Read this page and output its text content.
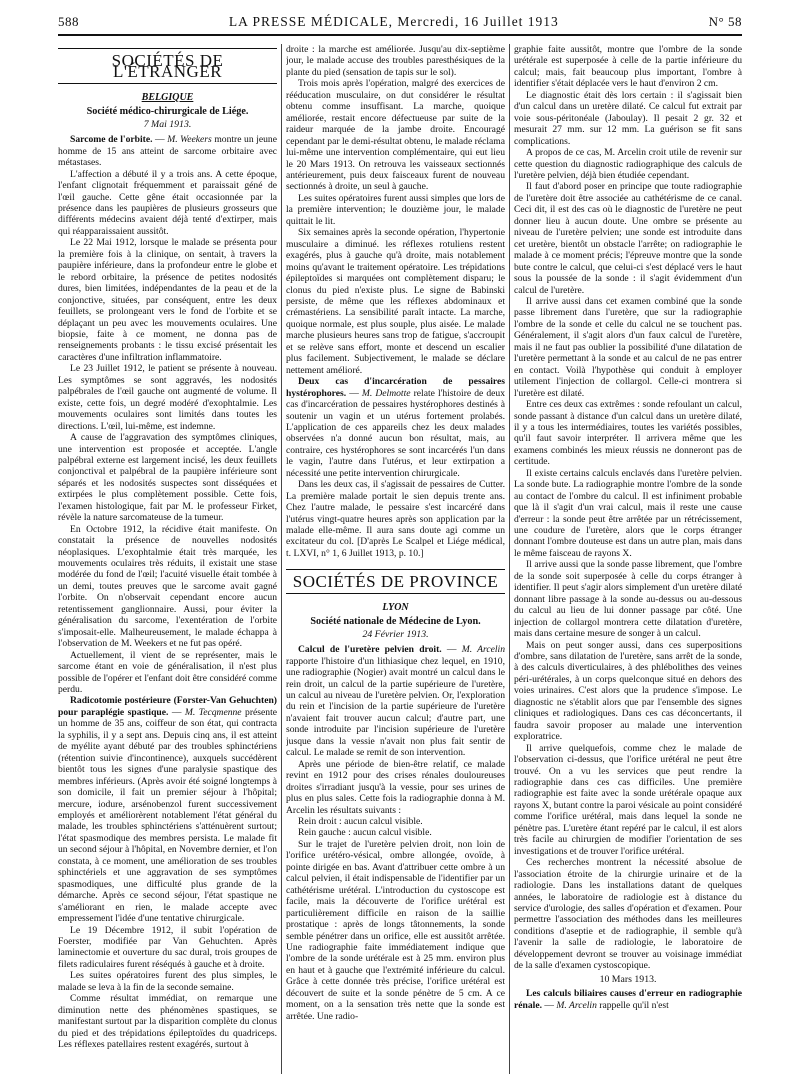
588	LA PRESSE MÉDICALE, Mercredi, 16 Juillet 1913	N° 58
SOCIÉTÉS DE L'ÉTRANGER
BELGIQUE
Société médico-chirurgicale de Liége.
7 Mai 1913.

Sarcome de l'orbite. — M. Weekers montre un jeune homme de 15 ans atteint de sarcome orbitaire avec métastases.

L'affection a débuté il y a trois ans. A cette époque, l'enfant clignotait fréquemment et paraissait géné de l'œil gauche. Cette gêne était occasionnée par la présence dans les paupières de plusieurs grosseurs que différents médecins avaient déjà tenté d'extirper, mais qui réapparaissaient aussitôt.

Le 22 Mai 1912, lorsque le malade se présenta pour la première fois à la clinique, on sentait, à travers la paupière inférieure, dans la profondeur entre le globe et le rebord orbitaire, la présence de petites nodosités dures, bien limitées, indépendantes de la peau et de la conjonctive, situées, par conséquent, entre les deux feuillets, se prolongeant vers le fond de l'orbite et se déplaçant un peu avec les mouvements oculaires. Une biopsie, faite à ce moment, ne donna pas de renseignements probants : le tissu excisé présentait les caractères d'une infiltration inflammatoire.

Le 23 Juillet 1912, le patient se présente à nouveau. Les symptômes se sont aggravés, les nodosités palpébrales de l'œil gauche ont augmenté de volume. Il existe, cette fois, un degré modéré d'exophtalmie. Les mouvements oculaires sont limités dans toutes les directions. L'œil, lui-même, est indemne.

A cause de l'aggravation des symptômes cliniques, une intervention est proposée et acceptée. L'angle palpébral externe est largement incisé, les deux feuillets conjonctival et palpébral de la paupière inférieure sont séparés et les nodosités suspectes sont disséquées et extirpées le plus complètement possible. Cette fois, l'examen histologique, fait par M. le professeur Firket, révèle la nature sarcomateuse de la tumeur.

En Octobre 1912, la récidive était manifeste. On constatait la présence de nouvelles nodosités néoplasiques. L'exophtalmie était très marquée, les mouvements oculaires très réduits, il existait une stase modérée du fond de l'œil; l'acuité visuelle était tombée à un demi, toutes preuves que le sarcome avait gagné l'orbite. On n'observait cependant encore aucun retentissement ganglionnaire. Aussi, pour éviter la généralisation du sarcome, l'exentération de l'orbite s'imposait-elle. Malheureusement, le malade échappa à l'observation de M. Weekers et ne fut pas opéré.

Actuellement, il vient de se représenter, mais le sarcome étant en voie de généralisation, il n'est plus possible de l'opérer et l'enfant doit être considéré comme perdu.

Radicotomie postérieure (Forster-Van Gehuchten) pour paraplégie spastique. — M. Tecqmenne présente un homme de 35 ans, coiffeur de son état, qui contracta la syphilis, il y a sept ans. Depuis cinq ans, il est atteint de myélite ayant débuté par des troubles sphinctériens (rétention suivie d'incontinence), auxquels succédèrent bientôt tous les signes d'une paralysie spastique des membres inférieurs. (Après avoir été soigné longtemps à son domicile, il fait un premier séjour à l'hôpital; mercure, iodure, arsénobenzol furent successivement employés et améliorèrent notablement l'état général du malade, les troubles sphinctériens s'atténuèrent surtout; l'état spasmodique des membres persista. Le malade fit un second séjour à l'hôpital, en Novembre dernier, et l'on constata, à ce moment, une amélioration de ses troubles sphinctériels et une aggravation de ses symptômes spasmodiques, une difficulté plus grande de la démarche. Après ce second séjour, l'état spastique ne s'améliorant en rien, le malade accepte avec empressement l'idée d'une tentative chirurgicale.

Le 19 Décembre 1912, il subit l'opération de Foerster, modifiée par Van Gehuchten. Après laminectomie et ouverture du sac dural, trois groupes de filets radiculaires furent réséqués à gauche et à droite.

Les suites opératoires furent des plus simples, le malade se leva à la fin de la seconde semaine.

Comme résultat immédiat, on remarque une diminution nette des phénomènes spastiques, se manifestant surtout par la disparition complète du clonus du pied et des trépidations épileptoïdes du quadriceps. Les réflexes patellaires restent exagérés, surtout à

droite : la marche est améliorée. Jusqu'au dix-septième jour, le malade accuse des troubles paresthésiques de la plante du pied (sensation de tapis sur le sol).

Trois mois après l'opération, malgré des exercices de rééducation musculaire, on dut considérer le résultat obtenu comme insuffisant. La marche, quoique améliorée, restait encore défectueuse par suite de la raideur marquée de la jambe droite. Encouragé cependant par le demi-résultat obtenu, le malade réclama lui-même une intervention complémentaire, qui eut lieu le 20 Mars 1913. On retrouva les vaisseaux sectionnés antérieurement, puis deux faisceaux furent de nouveau sectionnés à droite, un seul à gauche.

Les suites opératoires furent aussi simples que lors de la première intervention; le douzième jour, le malade quittait le lit.

Six semaines après la seconde opération, l'hypertonie musculaire a diminué. les réflexes rotuliens restent exagérés, plus à gauche qu'à droite, mais notablement moins qu'avant le traitement opératoire. Les trépidations épileptoïdes si marquées ont complètement disparu; le clonus du pied n'existe plus. Le signe de Babinski persiste, de même que les réflexes abdominaux et crémastériens. La sensibilité paraît intacte. La marche, quoique normale, est plus souple, plus aisée. Le malade marche plusieurs heures sans trop de fatigue, s'accroupit et se relève sans effort, monte et descend un escalier plus facilement. Subjectivement, le malade se déclare nettement amélioré.

Deux cas d'incarcération de pessaires hystérophores. — M. Delmotte relate l'histoire de deux cas d'incarcération de pessaires hystérophores destinés à soutenir un vagin et un utérus fortement prolabés. L'application de ces appareils chez les deux malades observées n'a donné aucun bon résultat, mais, au contraire, ces hystérophores se sont incarcérés l'un dans le vagin, l'autre dans l'utérus, et leur extirpation a nécessité une petite intervention chirurgicale.

Dans les deux cas, il s'agissait de pessaires de Cutter. La première malade portait le sien depuis trente ans. Chez l'autre malade, le pessaire s'est incarcéré dans l'utérus vingt-quatre heures après son application par la malade elle-même. Il aura sans doute agi comme un excitateur du col. [D'après Le Scalpel et Liége médical, t. LXVI, n° 1, 6 Juillet 1913, p. 10.]

SOCIÉTÉS DE PROVINCE
LYON
Société nationale de Médecine de Lyon.
24 Février 1913.

Calcul de l'uretère pelvien droit. — M. Arcelin rapporte l'histoire d'un lithiasique chez lequel, en 1910, une radiographie (Nogier) avait montré un calcul dans le rein droit, un calcul de la partie supérieure de l'uretère, un calcul au niveau de l'uretère pelvien. Or, l'exploration du rein et l'incision de la partie supérieure de l'uretère n'avaient fait trouver aucun calcul; d'autre part, une sonde introduite par l'incision supérieure de l'uretère jusque dans la vessie n'avait non plus fait sentir de calcul. Le malade se remit de son intervention.

Après une période de bien-être relatif, ce malade revint en 1912 pour des crises rénales douloureuses droites s'irradiant jusqu'à la vessie, pour ses urines de plus en plus sales. Cette fois la radiographie donna à M. Arcelin les résultats suivants :

Rein droit : aucun calcul visible.

Rein gauche : aucun calcul visible.

Sur le trajet de l'uretère pelvien droit, non loin de l'orifice urétéro-vésical, ombre allongée, ovoïde, à pointe dirigée en bas. Avant d'attribuer cette ombre à un calcul pelvien, il était indispensable de l'identifier par un cathétérisme urétéral. L'introduction du cystoscope est facile, mais la découverte de l'orifice urétéral est particulièrement difficile en raison de la saillie prostatique : après de longs tâtonnements, la sonde semble pénétrer dans un orifice, elle est aussitôt arrêtée. Une radiographie faite immédiatement indique que l'ombre de la sonde urétérale est à 25 mm. environ plus en haut et à gauche que l'extrémité inférieure du calcul. Grâce à cette donnée très précise, l'orifice urétéral est découvert de suite et la sonde pénètre de 5 cm. A ce moment, on a la sensation très nette que la sonde est arrêtée. Une radio-

graphie faite aussitôt, montre que l'ombre de la sonde urétérale est superposée à celle de la partie inférieure du calcul; mais, fait beaucoup plus important, l'ombre à identifier s'était déplacée vers le haut d'environ 2 cm.

Le diagnostic était dès lors certain : il s'agissait bien d'un calcul dans un uretère dilaté. Ce calcul fut extrait par voie sous-péritonéale (Jaboulay). Il pesait 2 gr. 32 et mesurait 27 mm. sur 12 mm. La guérison se fit sans complications.

A propos de ce cas, M. Arcelin croit utile de revenir sur cette question du diagnostic radiographique des calculs de l'uretère pelvien, déjà bien étudiée cependant.

Il faut d'abord poser en principe que toute radiographie de l'uretère doit être associée au cathétérisme de ce canal. Ceci dit, il est des cas où le diagnostic de l'uretère ne peut donner lieu à aucun doute. Une ombre se présente au niveau de l'uretère pelvien; une sonde est introduite dans cet uretère, bientôt un obstacle l'arrête; on radiographie le malade à ce moment précis; l'épreuve montre que la sonde bute contre le calcul, que celui-ci s'est déplacé vers le haut sous la poussée de la sonde : il s'agit évidemment d'un calcul de l'uretère.

Il arrive aussi dans cet examen combiné que la sonde passe librement dans l'uretère, que sur la radiographie l'ombre de la sonde et celle du calcul ne se touchent pas. Généralement, il s'agit alors d'un faux calcul de l'uretère, mais il ne faut pas oublier la possibilité d'une dilatation de l'uretère permettant à la sonde et au calcul de ne pas entrer en contact. Voilà l'hypothèse qui conduit à employer utilement l'injection de collargol. Celle-ci montrera si l'uretère est dilaté.

Entre ces deux cas extrêmes : sonde refoulant un calcul, sonde passant à distance d'un calcul dans un uretère dilaté, il y a tous les intermédiaires, toutes les variétés possibles, qu'il faut savoir interpréter. Il arrivera même que les examens combinés les mieux réussis ne donneront pas de certitude.

Il existe certains calculs enclavés dans l'uretère pelvien. La sonde bute. La radiographie montre l'ombre de la sonde au contact de l'ombre du calcul. Il est infiniment probable que là il s'agit d'un vrai calcul, mais il reste une cause d'erreur : la sonde peut être arrêtée par un rétrécissement, une coudure de l'uretère, alors que le corps étranger donnant l'ombre douteuse est dans un autre plan, mais dans le même faisceau de rayons X.

Il arrive aussi que la sonde passe librement, que l'ombre de la sonde soit superposée à celle du corps étranger à identifier. Il peut s'agir alors simplement d'un uretère dilaté donnant libre passage à la sonde au-dessus ou au-dessous du calcul au lieu de lui donner passage par côté. Une injection de collargol montrera cette dilatation d'uretère, mais dans certaine mesure de songer à un calcul.

Mais on peut songer aussi, dans ces superpositions d'ombre, sans dilatation de l'uretère, sans arrêt de la sonde, à des calculs diverticulaires, à des phlébolithes des veines péri-urétérales, à un corps quelconque situé en dehors des voies urinaires. C'est alors que la prudence s'impose. Le diagnostic ne s'établit alors que par l'ensemble des signes cliniques et radiologiques. Dans ces cas déconcertants, il faudra savoir proposer au malade une intervention exploratrice.

Il arrive quelquefois, comme chez le malade de l'observation ci-dessus, que l'orifice urétéral ne peut être trouvé. On a vu les services que peut rendre la radiographie dans ces cas difficiles. Une première radiographie est faite avec la sonde urétérale opaque aux rayons X, butant contre la paroi vésicale au point considéré comme l'orifice urétéral, mais dans lequel la sonde ne pénètre pas. L'uretère étant repéré par le calcul, il est alors très facile au chirurgien de modifier l'orientation de ses investigations et de trouver l'orifice urétéral.

Ces recherches montrent la nécessité absolue de l'association étroite de la chirurgie urinaire et de la radiologie. Dans les installations datant de quelques années, le laboratoire de radiologie est à distance du service d'urologie, des salles d'opération et d'examen. Pour permettre l'association des méthodes dans les meilleures conditions d'aseptie et de radiographie, il semble qu'à l'avenir la salle de radiologie, le laboratoire de développement devront se trouver au voisinage immédiat de la salle d'examen cystoscopique.

10 Mars 1913.

Les calculs biliaires causes d'erreur en radiographie rénale. — M. Arcelin rappelle qu'il n'est
